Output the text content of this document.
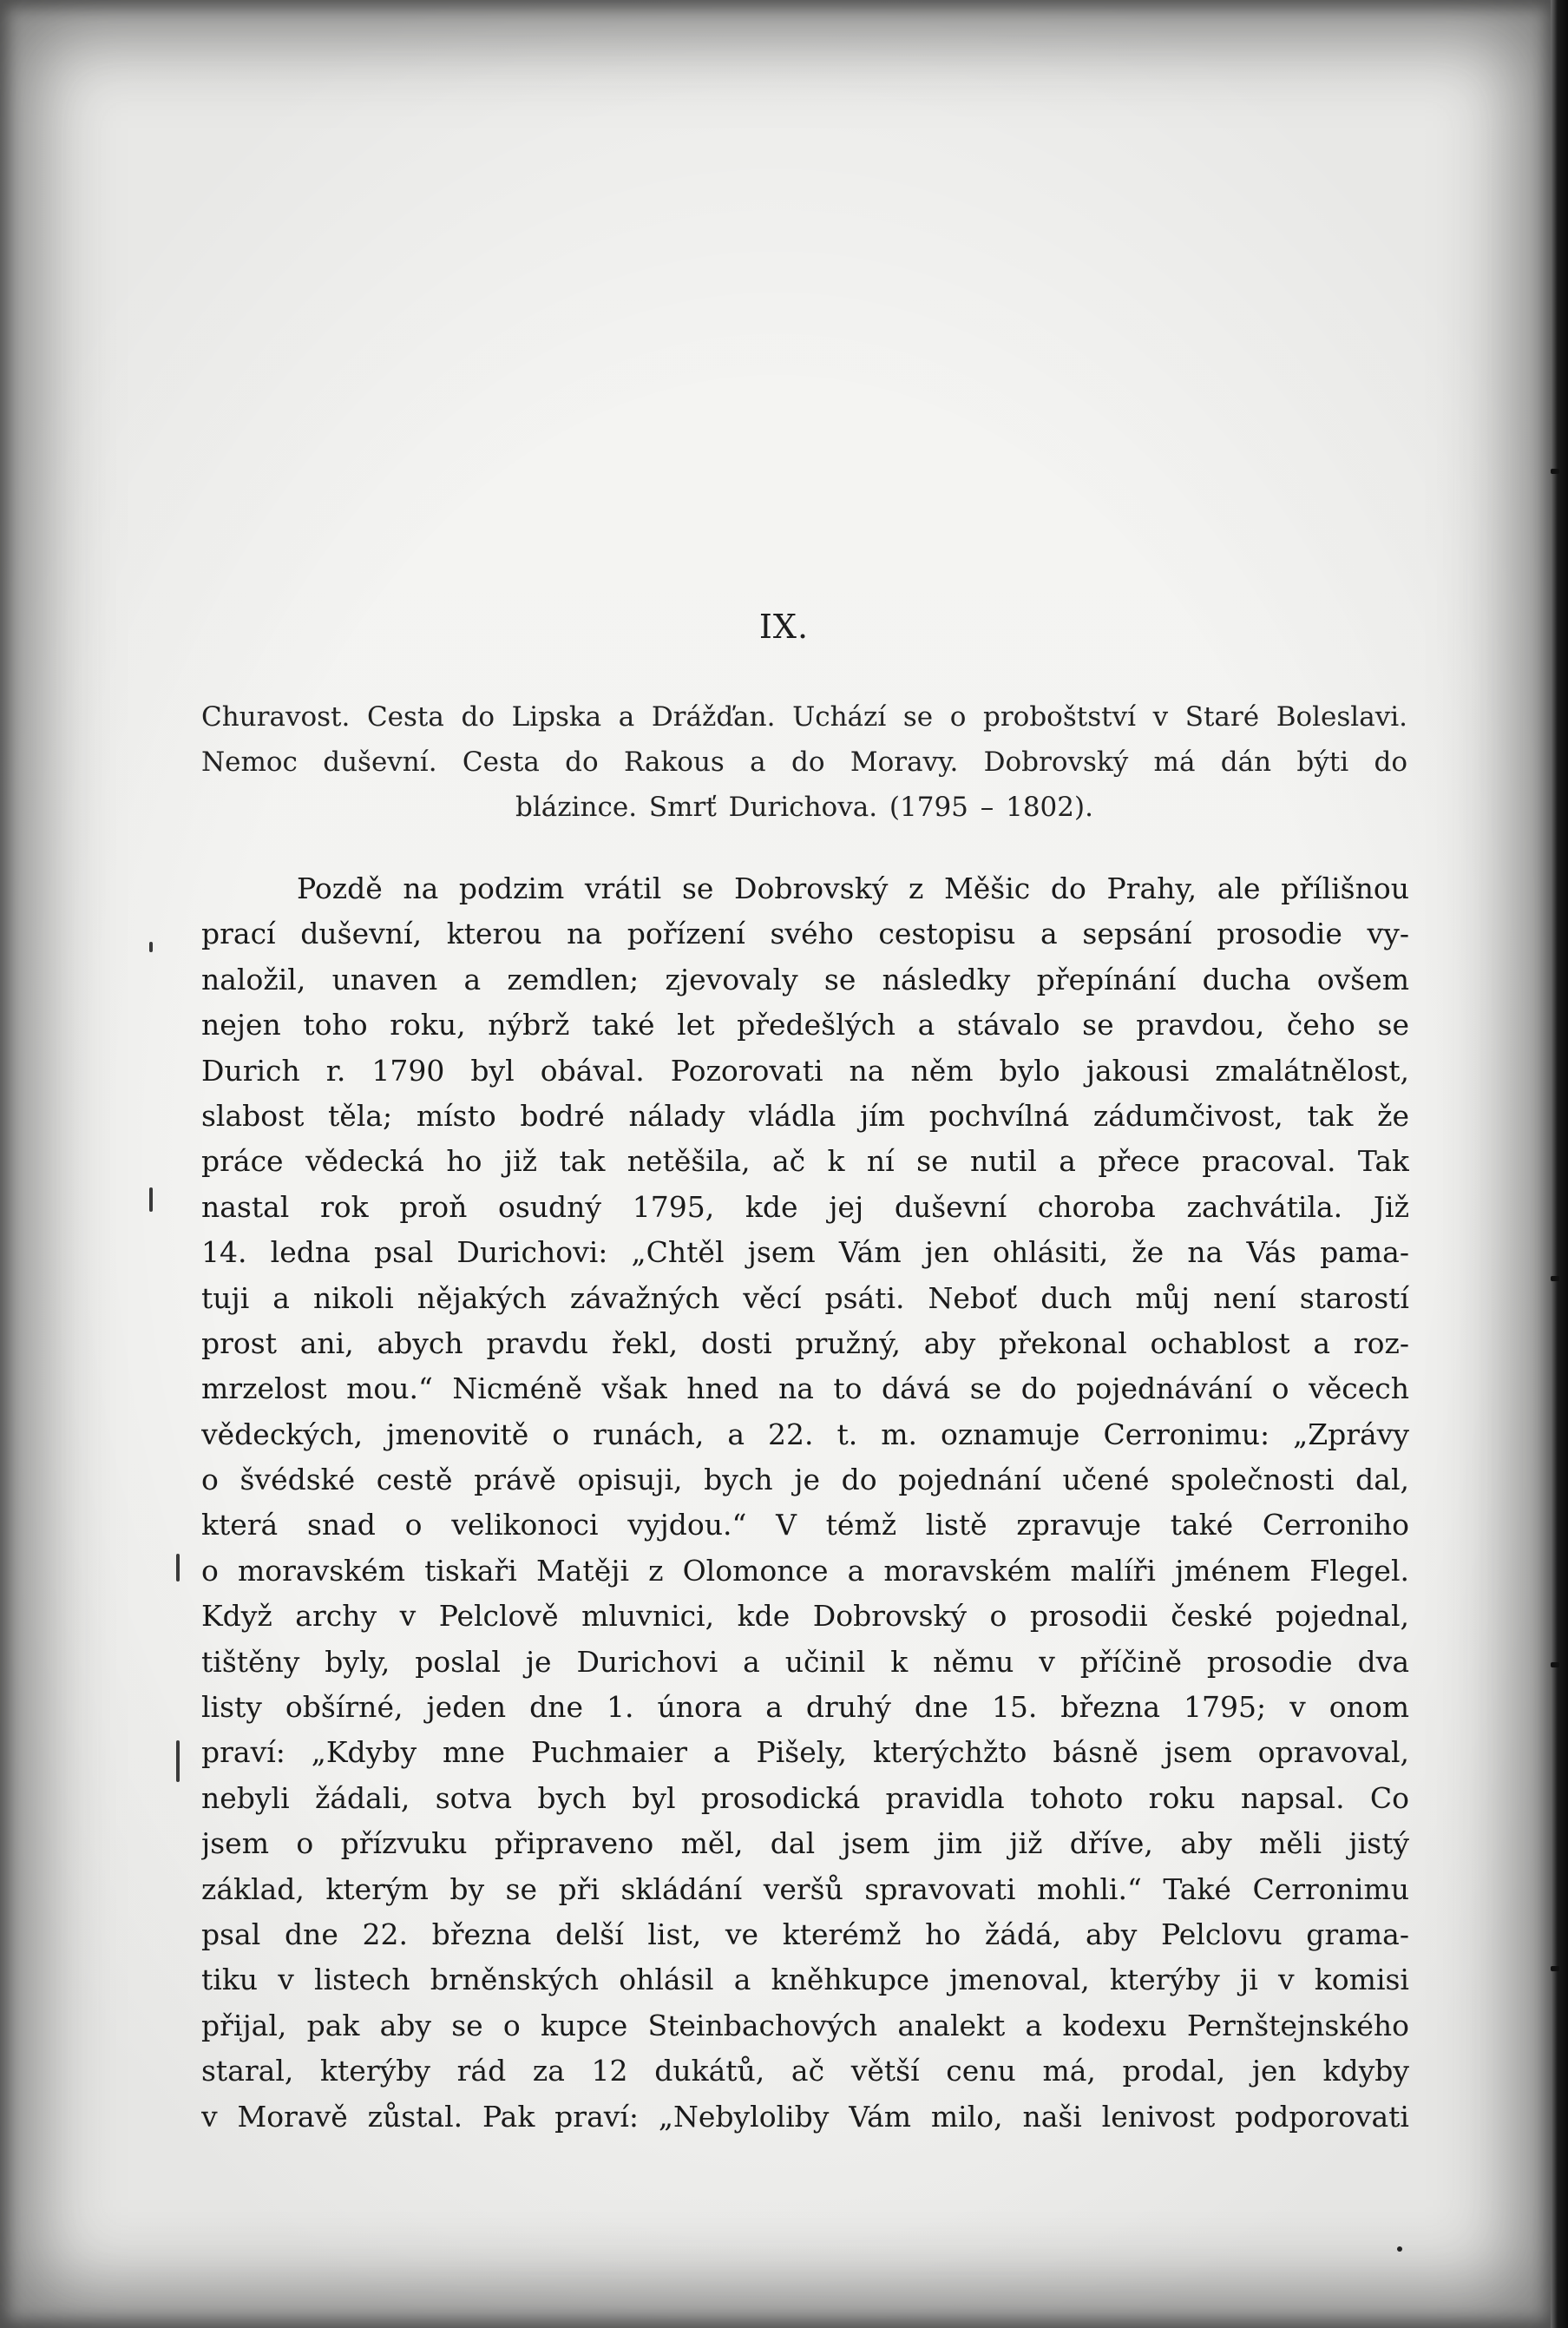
IX.
Churavost. Cesta do Lipska a Drážďan. Uchází se o proboštství v Staré Boleslavi.
Nemoc duševní. Cesta do Rakous a do Moravy. Dobrovský má dán býti do
blázince. Smrť Durichova. (1795 – 1802).
Pozdě na podzim vrátil se Dobrovský z Měšic do Prahy, ale přílišnou
prací duševní, kterou na pořízení svého cestopisu a sepsání prosodie vy-
naložil, unaven a zemdlen; zjevovaly se následky přepínání ducha ovšem
nejen toho roku, nýbrž také let předešlých a stávalo se pravdou, čeho se
Durich r. 1790 byl obával. Pozorovati na něm bylo jakousi zmalátnělost,
slabost těla; místo bodré nálady vládla jím pochvílná zádumčivost, tak že
práce vědecká ho již tak netěšila, ač k ní se nutil a přece pracoval. Tak
nastal rok proň osudný 1795, kde jej duševní choroba zachvátila. Již
14. ledna psal Durichovi: „Chtěl jsem Vám jen ohlásiti, že na Vás pama-
tuji a nikoli nějakých závažných věcí psáti. Neboť duch můj není starostí
prost ani, abych pravdu řekl, dosti pružný, aby překonal ochablost a roz-
mrzelost mou.“ Nicméně však hned na to dává se do pojednávání o věcech
vědeckých, jmenovitě o runách, a 22. t. m. oznamuje Cerronimu: „Zprávy
o švédské cestě právě opisuji, bych je do pojednání učené společnosti dal,
která snad o velikonoci vyjdou.“ V témž listě zpravuje také Cerroniho
o moravském tiskaři Matěji z Olomonce a moravském malíři jménem Flegel.
Když archy v Pelclově mluvnici, kde Dobrovský o prosodii české pojednal,
tištěny byly, poslal je Durichovi a učinil k němu v příčině prosodie dva
listy obšírné, jeden dne 1. února a druhý dne 15. března 1795; v onom
praví: „Kdyby mne Puchmaier a Pišely, kterýchžto básně jsem opravoval,
nebyli žádali, sotva bych byl prosodická pravidla tohoto roku napsal. Co
jsem o přízvuku připraveno měl, dal jsem jim již dříve, aby měli jistý
základ, kterým by se při skládání veršů spravovati mohli.“ Také Cerronimu
psal dne 22. března delší list, ve kterémž ho žádá, aby Pelclovu grama-
tiku v listech brněnských ohlásil a kněhkupce jmenoval, kterýby ji v komisi
přijal, pak aby se o kupce Steinbachových analekt a kodexu Pernštejnského
staral, kterýby rád za 12 dukátů, ač větší cenu má, prodal, jen kdyby
v Moravě zůstal. Pak praví: „Nebyloliby Vám milo, naši lenivost podporovati
